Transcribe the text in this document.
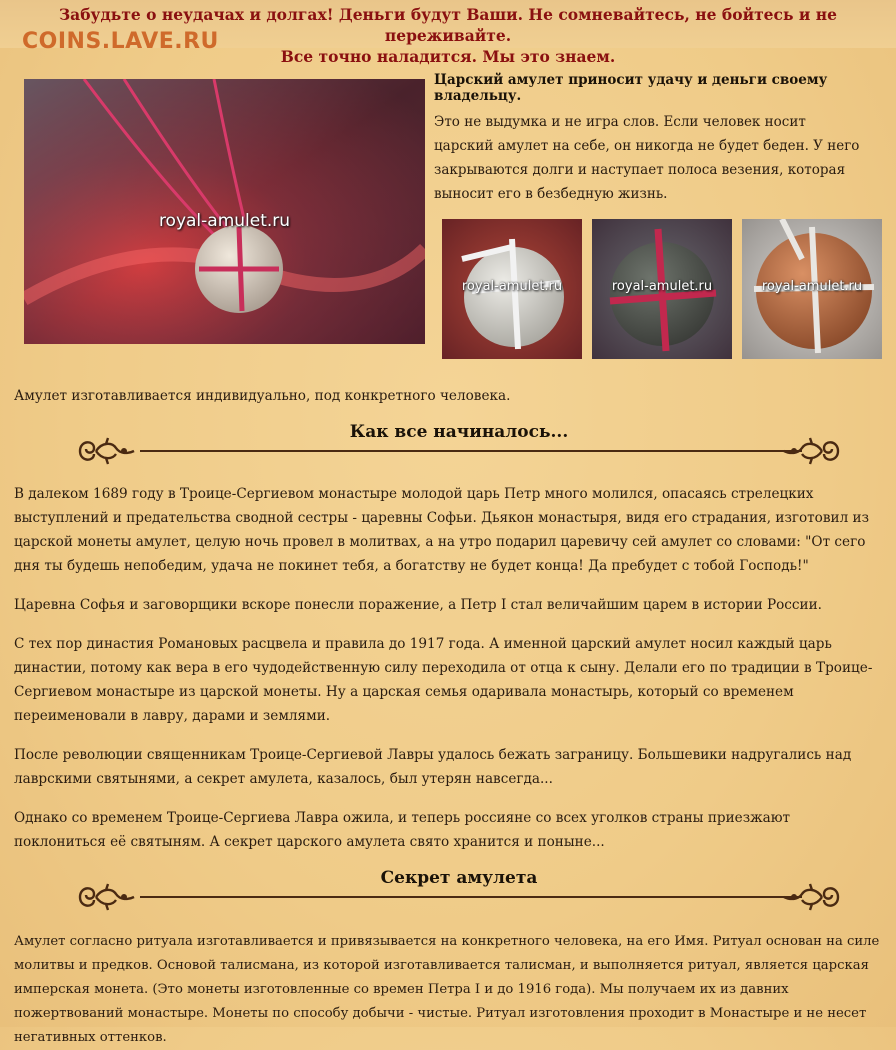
Забудьте о неудачах и долгах! Деньги будут Ваши. Не сомневайтесь, не бойтесь и не переживайте.
Все точно наладится. Мы это знаем.
COINS.LAVE.RU
royal-amulet.ru
Царский амулет приносит удачу и деньги своему владельцу.

Это не выдумка и не игра слов. Если человек носит царский амулет на себе, он никогда не будет беден. У него закрываются долги и наступает полоса везения, которая выносит его в безбедную жизнь.

royal-amulet.ru	royal-amulet.ru	royal-amulet.ru

Амулет изготавливается индивидуально, под конкретного человека.

Как все начиналось...

В далеком 1689 году в Троице-Сергиевом монастыре молодой царь Петр много молился, опасаясь стрелецких выступлений и предательства сводной сестры - царевны Софьи. Дьякон монастыря, видя его страдания, изготовил из царской монеты амулет, целую ночь провел в молитвах, а на утро подарил царевичу сей амулет со словами: "От сего дня ты будешь непобедим, удача не покинет тебя, а богатству не будет конца! Да пребудет с тобой Господь!"

Царевна Софья и заговорщики вскоре понесли поражение, а Петр I стал величайшим царем в истории России.

С тех пор династия Романовых расцвела и правила до 1917 года. А именной царский амулет носил каждый царь династии, потому как вера в его чудодейственную силу переходила от отца к сыну. Делали его по традиции в Троице-Сергиевом монастыре из царской монеты. Ну а царская семья одаривала монастырь, который со временем переименовали в лавру, дарами и землями.

После революции священникам Троице-Сергиевой Лавры удалось бежать заграницу. Большевики надругались над лаврскими святынями, а секрет амулета, казалось, был утерян навсегда...

Однако со временем Троице-Сергиева Лавра ожила, и теперь россияне со всех уголков страны приезжают поклониться её святыням. А секрет царского амулета свято хранится и поныне...

Секрет амулета

Амулет согласно ритуала изготавливается и привязывается на конкретного человека, на его Имя. Ритуал основан на силе молитвы и предков. Основой талисмана, из которой изготавливается талисман, и выполняется ритуал, является царская имперская монета. (Это монеты изготовленные со времен Петра I и до 1916 года). Мы получаем их из давних пожертвований монастыре. Монеты по способу добычи - чистые. Ритуал изготовления проходит в Монастыре и не несет негативных оттенков.
